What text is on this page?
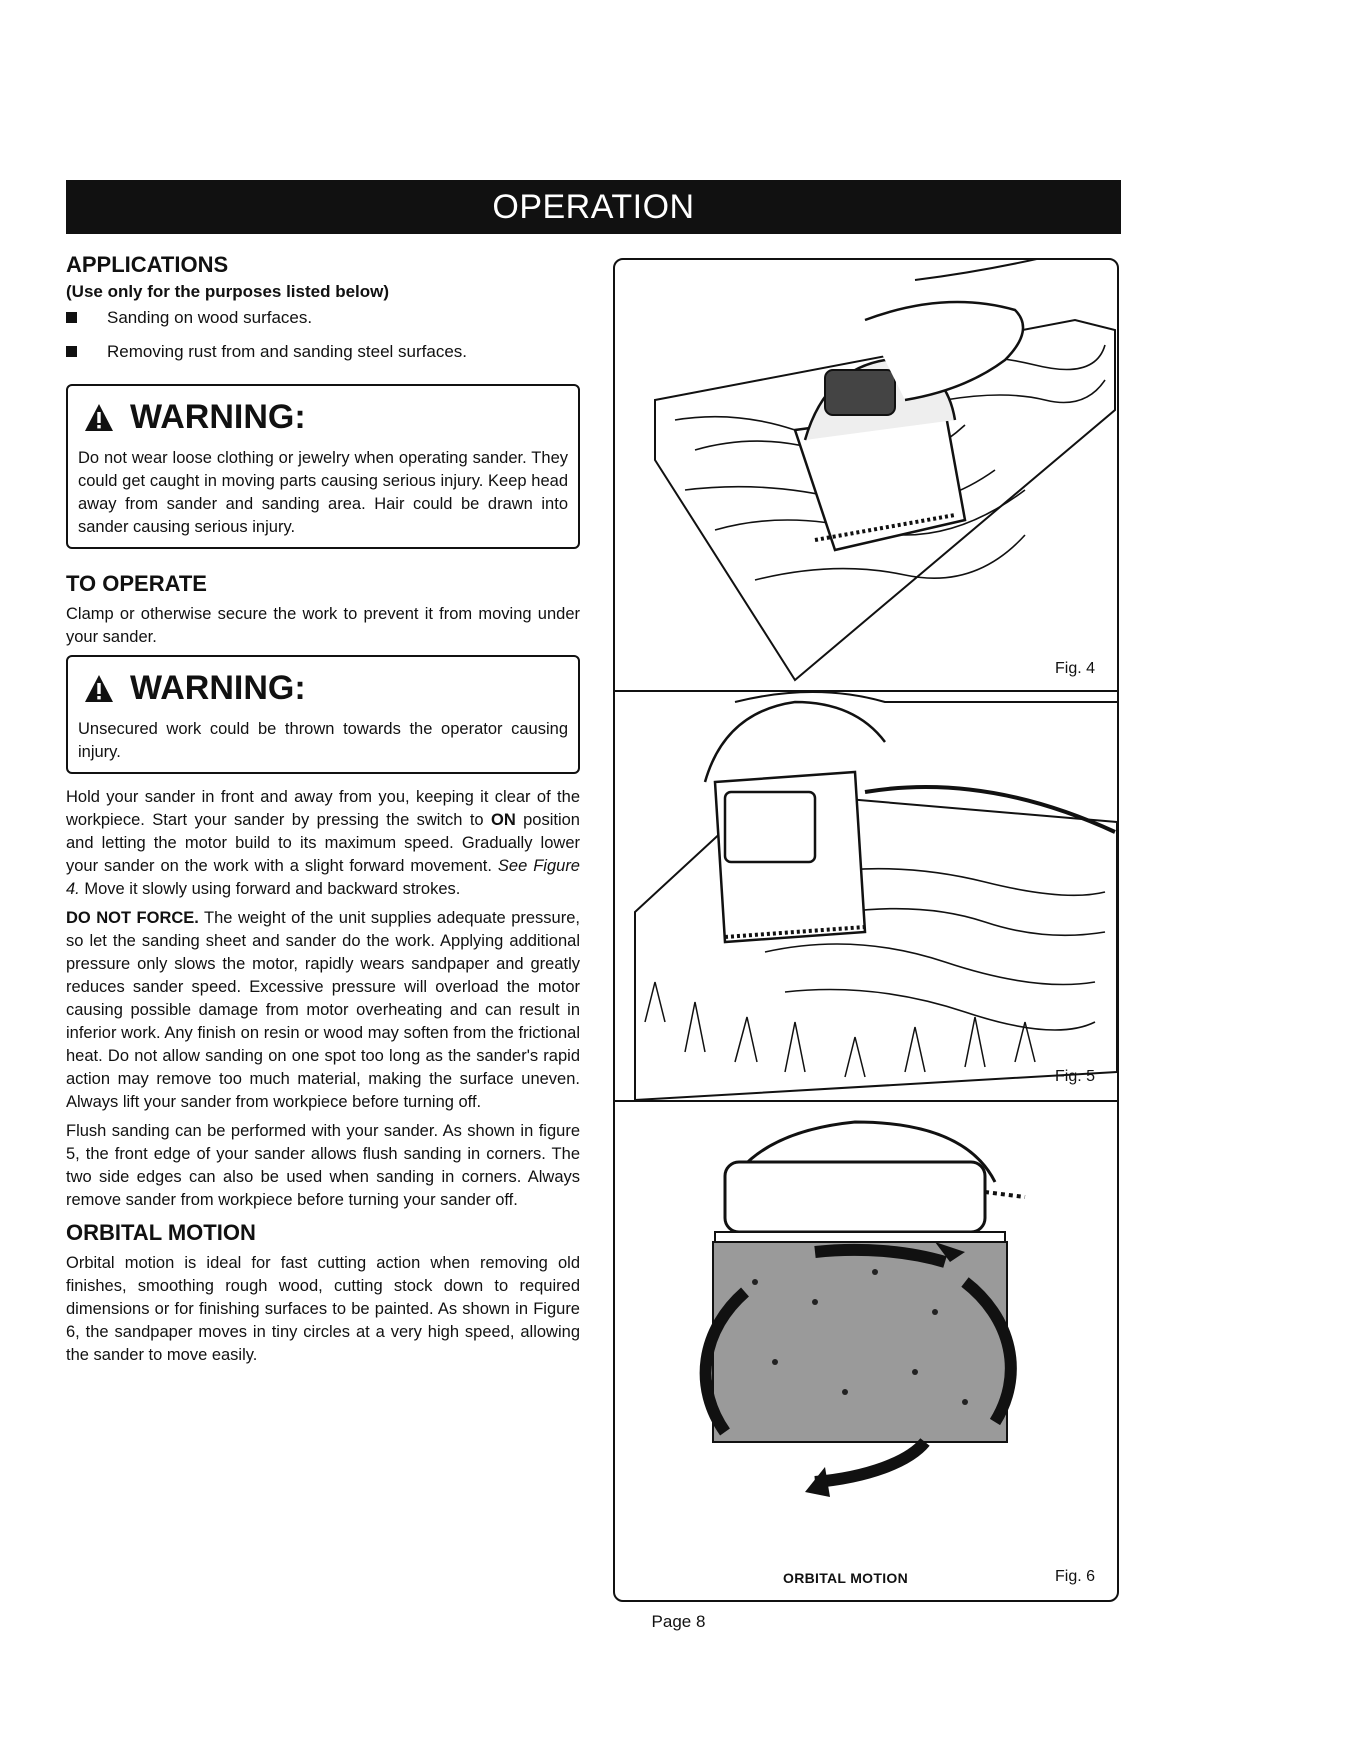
OPERATION
APPLICATIONS
(Use only for the purposes listed below)
Sanding on wood surfaces.
Removing rust from and sanding steel surfaces.
WARNING:

Do not wear loose clothing or jewelry when operating sander. They could get caught in moving parts causing serious injury. Keep head away from sander and sanding area. Hair could be drawn into sander causing serious injury.

TO OPERATE

Clamp or otherwise secure the work to prevent it from moving under your sander.

WARNING:

Unsecured work could be thrown towards the operator causing injury.

Hold your sander in front and away from you, keeping it clear of the workpiece. Start your sander by pressing the switch to ON position and letting the motor build to its maximum speed. Gradually lower your sander on the work with a slight forward movement. See Figure 4. Move it slowly using forward and backward strokes.

DO NOT FORCE. The weight of the unit supplies adequate pressure, so let the sanding sheet and sander do the work. Applying additional pressure only slows the motor, rapidly wears sandpaper and greatly reduces sander speed. Excessive pressure will overload the motor causing possible damage from motor overheating and can result in inferior work. Any finish on resin or wood may soften from the frictional heat. Do not allow sanding on one spot too long as the sander's rapid action may remove too much material, making the surface uneven. Always lift your sander from workpiece before turning off.

Flush sanding can be performed with your sander. As shown in figure 5, the front edge of your sander allows flush sanding in corners. The two side edges can also be used when sanding in corners. Always remove sander from workpiece before turning your sander off.

ORBITAL MOTION

Orbital motion is ideal for fast cutting action when removing old finishes, smoothing rough wood, cutting stock down to required dimensions or for finishing surfaces to be painted. As shown in Figure 6, the sandpaper moves in tiny circles at a very high speed, allowing the sander to move easily.

Fig. 4
Fig. 5
ORBITAL MOTION	Fig. 6
Page 8
